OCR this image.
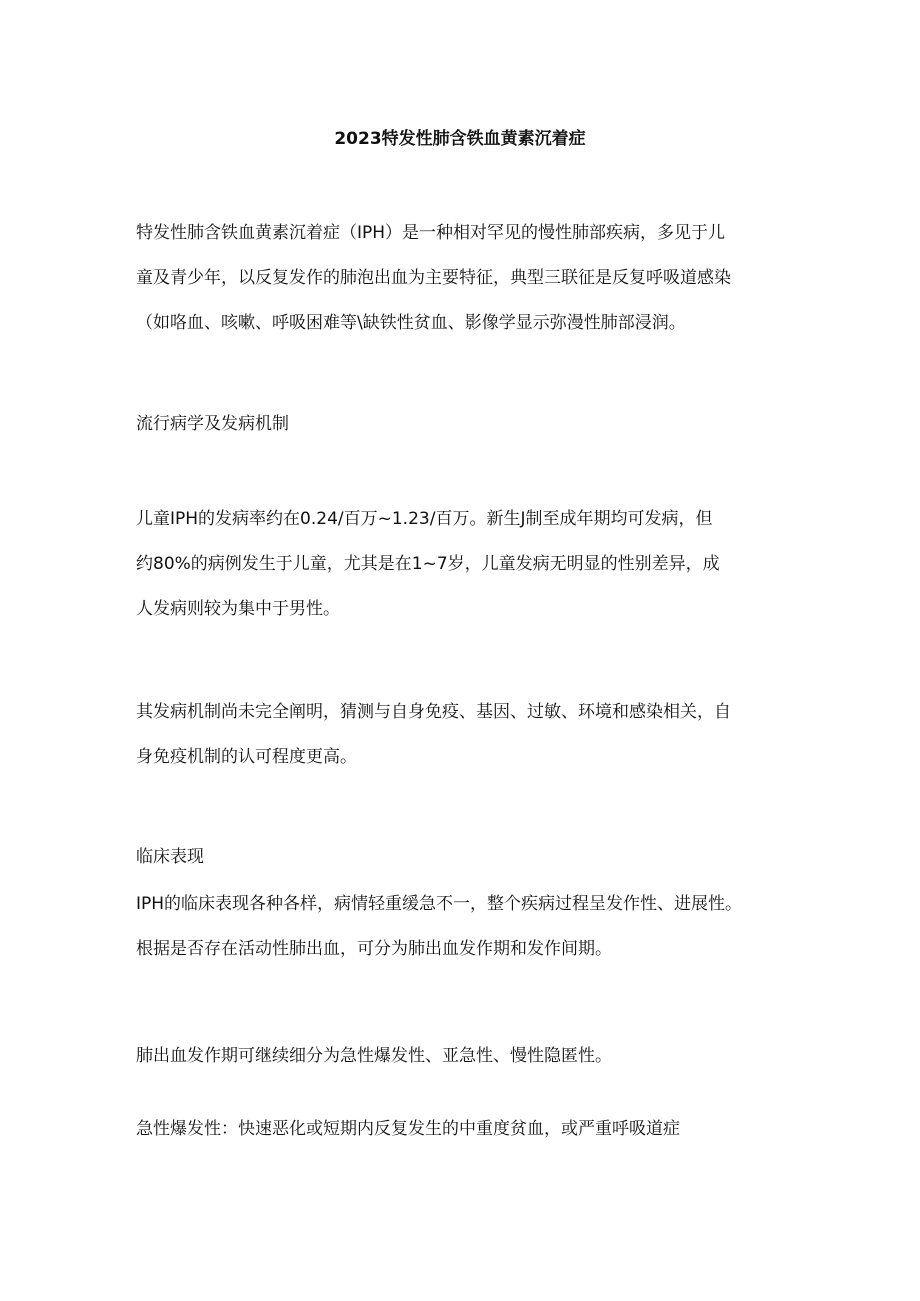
2023特发性肺含铁血黄素沉着症
特发性肺含铁血黄素沉着症（IPH）是一种相对罕见的慢性肺部疾病，多见于儿
童及青少年，以反复发作的肺泡出血为主要特征，典型三联征是反复呼吸道感染
（如咯血、咳嗽、呼吸困难等\缺铁性贫血、影像学显示弥漫性肺部浸润。
流行病学及发病机制
儿童IPH的发病率约在0.24/百万~1.23/百万。新生J制至成年期均可发病，但
约80%的病例发生于儿童，尤其是在1~7岁，儿童发病无明显的性别差异，成
人发病则较为集中于男性。
其发病机制尚未完全阐明，猜测与自身免疫、基因、过敏、环境和感染相关，自
身免疫机制的认可程度更高。
临床表现
IPH的临床表现各种各样，病情轻重缓急不一，整个疾病过程呈发作性、进展性。
根据是否存在活动性肺出血，可分为肺出血发作期和发作间期。
肺出血发作期可继续细分为急性爆发性、亚急性、慢性隐匿性。
急性爆发性：快速恶化或短期内反复发生的中重度贫血，或严重呼吸道症
